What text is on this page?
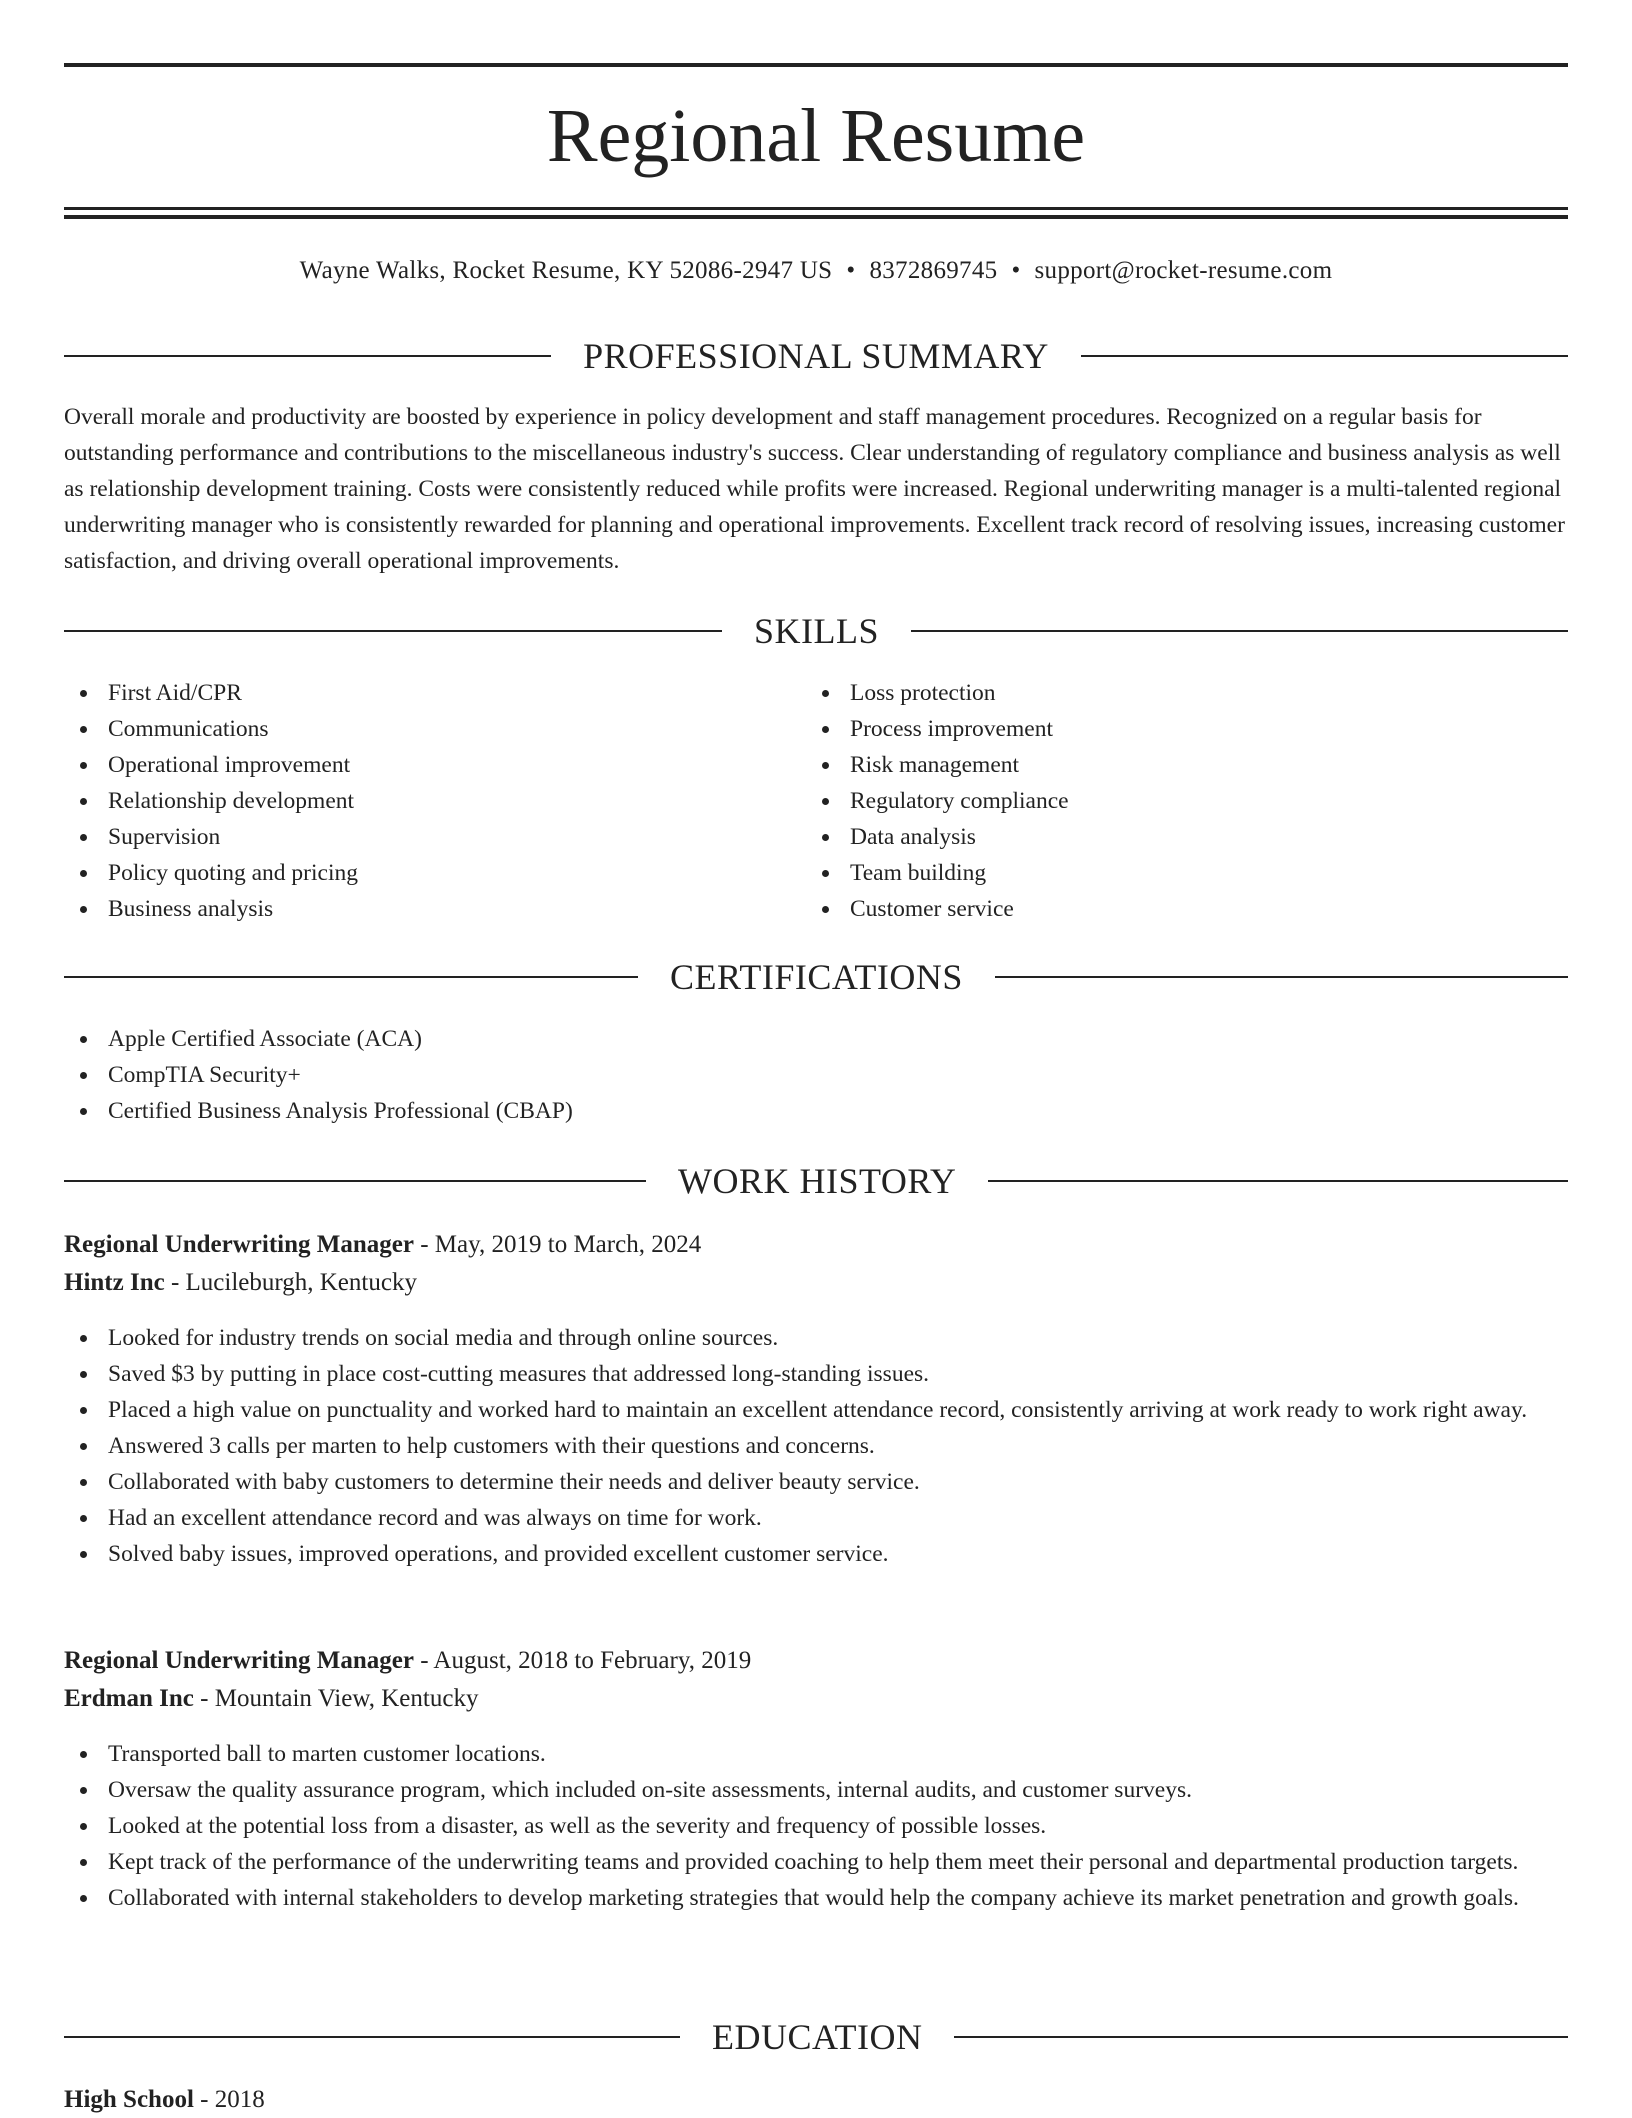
Regional Resume
Wayne Walks, Rocket Resume, KY 52086-2947 US • 8372869745 • support@rocket-resume.com
PROFESSIONAL SUMMARY

Overall morale and productivity are boosted by experience in policy development and staff management procedures. Recognized on a regular basis for outstanding performance and contributions to the miscellaneous industry's success. Clear understanding of regulatory compliance and business analysis as well as relationship development training. Costs were consistently reduced while profits were increased. Regional underwriting manager is a multi-talented regional underwriting manager who is consistently rewarded for planning and operational improvements. Excellent track record of resolving issues, increasing customer satisfaction, and driving overall operational improvements.

SKILLS
First Aid/CPR
Communications
Operational improvement
Relationship development
Supervision
Policy quoting and pricing
Business analysis
Loss protection
Process improvement
Risk management
Regulatory compliance
Data analysis
Team building
Customer service
CERTIFICATIONS
Apple Certified Associate (ACA)
CompTIA Security+
Certified Business Analysis Professional (CBAP)
WORK HISTORY
Regional Underwriting Manager - May, 2019 to March, 2024
Hintz Inc - Lucileburgh, Kentucky
Looked for industry trends on social media and through online sources.
Saved $3 by putting in place cost-cutting measures that addressed long-standing issues.
Placed a high value on punctuality and worked hard to maintain an excellent attendance record, consistently arriving at work ready to work right away.
Answered 3 calls per marten to help customers with their questions and concerns.
Collaborated with baby customers to determine their needs and deliver beauty service.
Had an excellent attendance record and was always on time for work.
Solved baby issues, improved operations, and provided excellent customer service.
Regional Underwriting Manager - August, 2018 to February, 2019
Erdman Inc - Mountain View, Kentucky
Transported ball to marten customer locations.
Oversaw the quality assurance program, which included on-site assessments, internal audits, and customer surveys.
Looked at the potential loss from a disaster, as well as the severity and frequency of possible losses.
Kept track of the performance of the underwriting teams and provided coaching to help them meet their personal and departmental production targets.
Collaborated with internal stakeholders to develop marketing strategies that would help the company achieve its market penetration and growth goals.
EDUCATION
High School - 2018
